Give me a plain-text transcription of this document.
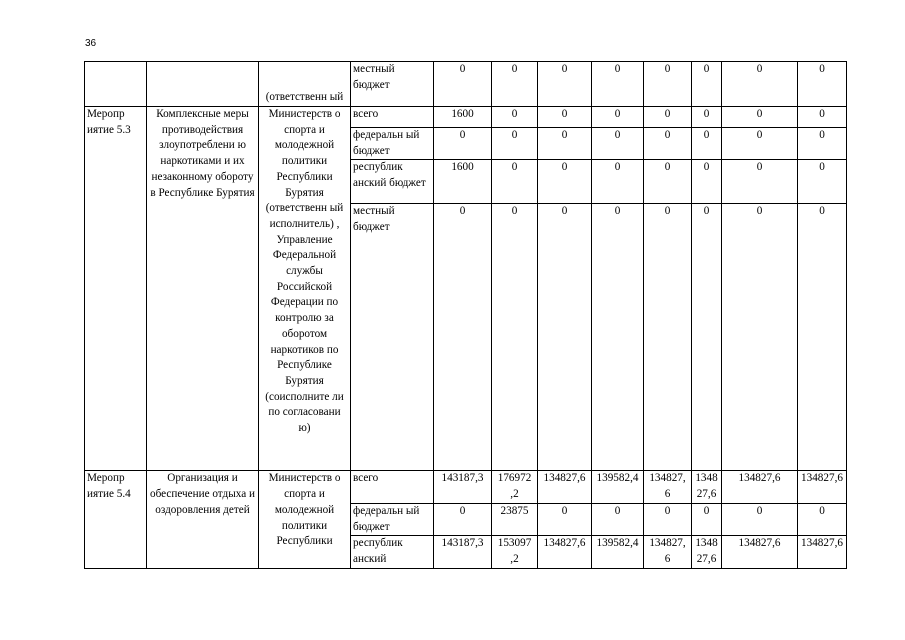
36
		(ответственн ый	местный бюджет	0	0	0	0	0	0	0	0
Меропр иятие 5.3	Комплексные меры противодействия злоупотреблени ю наркотиками и их незаконному обороту в Республике Бурятия	Министерств о спорта и молодежной политики Республики Бурятия (ответственн ый исполнитель) , Управление Федеральной службы Российской Федерации по контролю за оборотом наркотиков по Республике Бурятия (соисполните ли по согласовани ю)	всего	1600	0	0	0	0	0	0	0
			федеральн ый бюджет	0	0	0	0	0	0	0	0
			республик анский бюджет	1600	0	0	0	0	0	0	0
			местный бюджет	0	0	0	0	0	0	0	0
Меропр иятие 5.4	Организация и обеспечение отдыха и оздоровления детей	Министерств о спорта и молодежной политики Республики	всего	143187,3	176972 ,2	134827,6	139582,4	134827, 6	1348 27,6	134827,6	134827,6
			федеральн ый бюджет	0	23875	0	0	0	0	0	0
			республик анский	143187,3	153097 ,2	134827,6	139582,4	134827, 6	1348 27,6	134827,6	134827,6
